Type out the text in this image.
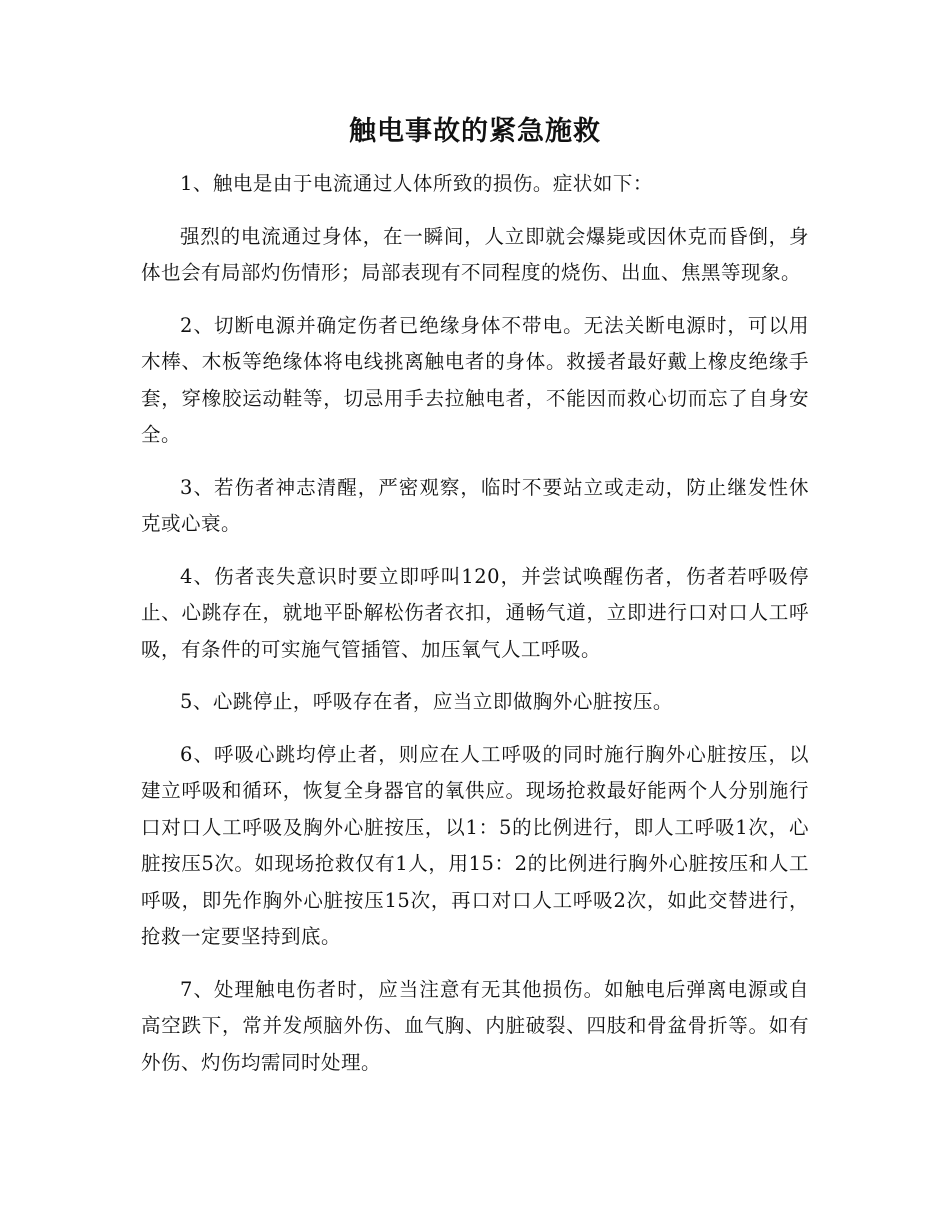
触电事故的紧急施救

1、触电是由于电流通过人体所致的损伤。症状如下：

强烈的电流通过身体，在一瞬间，人立即就会爆毙或因休克而昏倒，身体也会有局部灼伤情形；局部表现有不同程度的烧伤、出血、焦黑等现象。

2、切断电源并确定伤者已绝缘身体不带电。无法关断电源时，可以用木棒、木板等绝缘体将电线挑离触电者的身体。救援者最好戴上橡皮绝缘手套，穿橡胶运动鞋等，切忌用手去拉触电者，不能因而救心切而忘了自身安全。

3、若伤者神志清醒，严密观察，临时不要站立或走动，防止继发性休克或心衰。

4、伤者丧失意识时要立即呼叫120，并尝试唤醒伤者，伤者若呼吸停止、心跳存在，就地平卧解松伤者衣扣，通畅气道，立即进行口对口人工呼吸，有条件的可实施气管插管、加压氧气人工呼吸。

5、心跳停止，呼吸存在者，应当立即做胸外心脏按压。

6、呼吸心跳均停止者，则应在人工呼吸的同时施行胸外心脏按压，以建立呼吸和循环，恢复全身器官的氧供应。现场抢救最好能两个人分别施行口对口人工呼吸及胸外心脏按压，以1：5的比例进行，即人工呼吸1次，心脏按压5次。如现场抢救仅有1人，用15：2的比例进行胸外心脏按压和人工呼吸，即先作胸外心脏按压15次，再口对口人工呼吸2次，如此交替进行，抢救一定要坚持到底。

7、处理触电伤者时，应当注意有无其他损伤。如触电后弹离电源或自高空跌下，常并发颅脑外伤、血气胸、内脏破裂、四肢和骨盆骨折等。如有外伤、灼伤均需同时处理。
